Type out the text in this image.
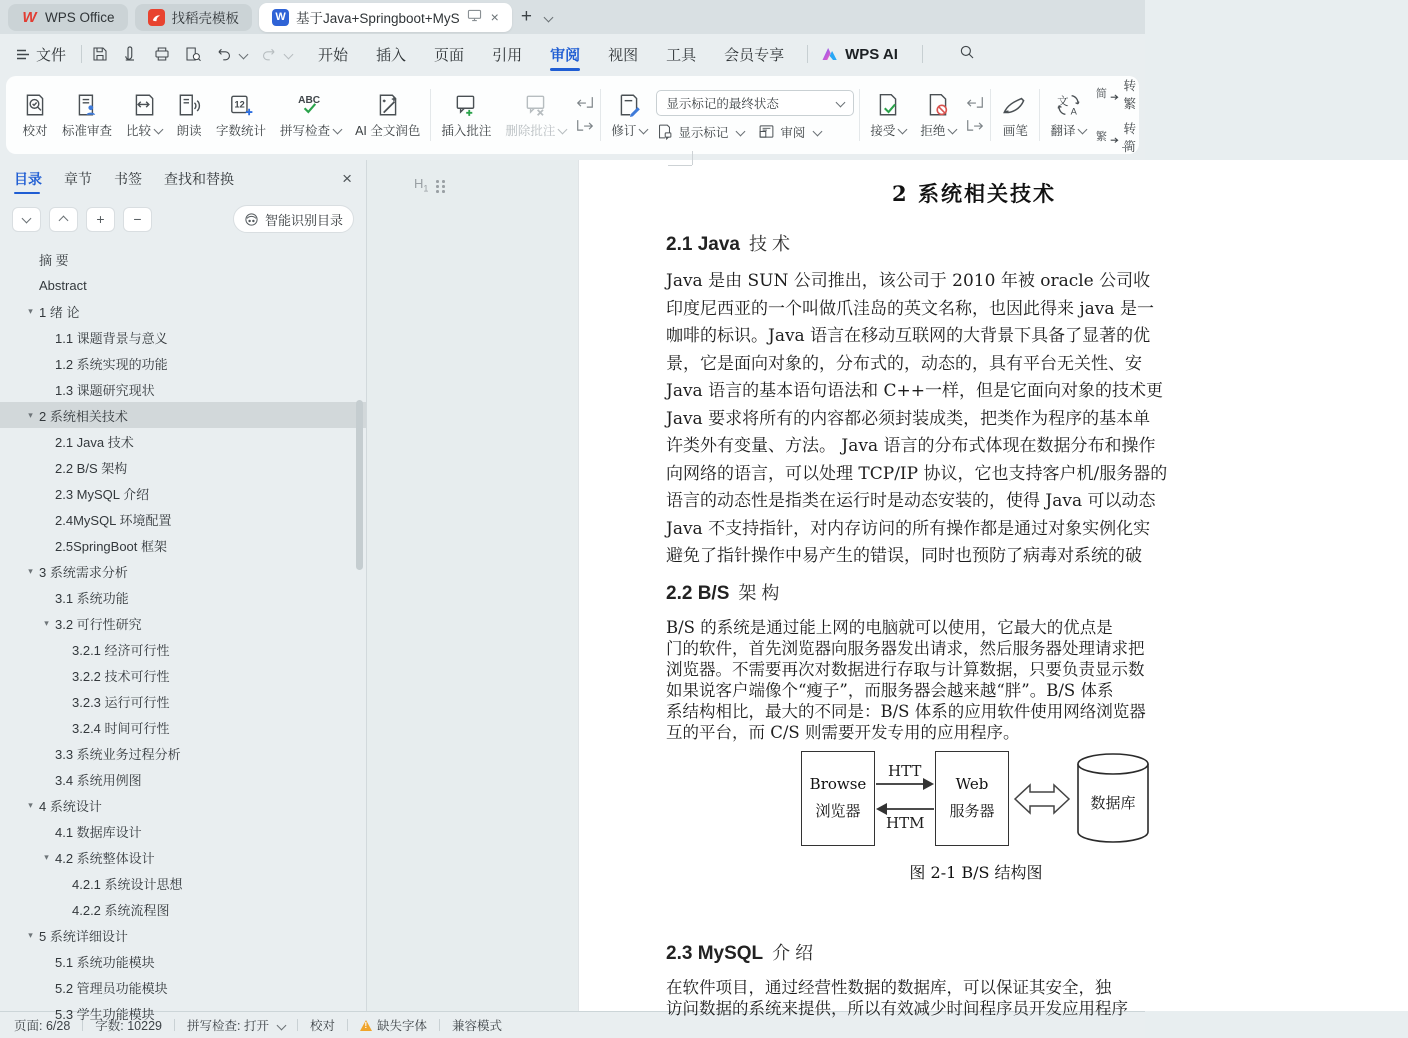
W WPS Office	找稻壳模板	W 基于Java+Springboot+MyS × +
文件	开始 插入 页面 引用 审阅 视图 工具 会员专享	WPS AI
校对 标准审查 比较 朗读
12
字数统计
ABC
拼写检查 AI 全文润色 插入批注 删除批注	修订
显示标记的最终状态
显示标记	审阅	接受 拒绝	画笔
文
A
翻译
简
转繁
繁
转简
目录 章节 书签 查找和替换	×
+	−	智能识别目录
摘 要
Abstract
▾ 1 绪 论
1.1 课题背景与意义
1.2 系统实现的功能
1.3 课题研究现状
▾ 2 系统相关技术
2.1 Java 技术
2.2 B/S 架构
2.3 MySQL 介绍
2.4MySQL 环境配置
2.5SpringBoot 框架
▾ 3 系统需求分析
3.1 系统功能
▾ 3.2 可行性研究
3.2.1 经济可行性
3.2.2 技术可行性
3.2.3 运行可行性
3.2.4 时间可行性
3.3 系统业务过程分析
3.4 系统用例图
▾ 4 系统设计
4.1 数据库设计
▾ 4.2 系统整体设计
4.2.1 系统设计思想
4.2.2 系统流程图
▾ 5 系统详细设计
5.1 系统功能模块
5.2 管理员功能模块
5.3 学生功能模块
$H_1$	2 系统相关技术
2.1 Java 技术
Java 是由 SUN 公司推出，该公司于 2010 年被 oracle 公司收
印度尼西亚的一个叫做爪洼岛的英文名称，也因此得来 java 是一
咖啡的标识。Java 语言在移动互联网的大背景下具备了显著的优
景，它是面向对象的，分布式的，动态的，具有平台无关性、安
Java 语言的基本语句语法和 C++一样，但是它面向对象的技术更
Java 要求将所有的内容都必须封装成类，把类作为程序的基本单
许类外有变量、方法。 Java 语言的分布式体现在数据分布和操作
向网络的语言，可以处理 TCP/IP 协议，它也支持客户机/服务器的
语言的动态性是指类在运行时是动态安装的，使得 Java 可以动态
Java 不支持指针，对内存访问的所有操作都是通过对象实例化实
避免了指针操作中易产生的错误，同时也预防了病毒对系统的破
2.2 B/S 架构
B/S 的系统是通过能上网的电脑就可以使用，它最大的优点是
门的软件，首先浏览器向服务器发出请求，然后服务器处理请求把
浏览器。不需要再次对数据进行存取与计算数据，只要负责显示数
如果说客户端像个“瘦子”，而服务器会越来越“胖”。B/S 体系
系结构相比，最大的不同是：B/S 体系的应用软件使用网络浏览器
互的平台，而 C/S 则需要开发专用的应用程序。
Browse
浏览器
HTT
HTM
Web
服务器	数据库
图 2-1 B/S 结构图
2.3 MySQL 介绍
在软件项目，通过经营性数据的数据库，可以保证其安全，独
访问数据的系统来提供，所以有效减少时间程序员开发应用程序
页面: 6/28 字数: 10229 拼写检查: 打开	校对 !	缺失字体 兼容模式
